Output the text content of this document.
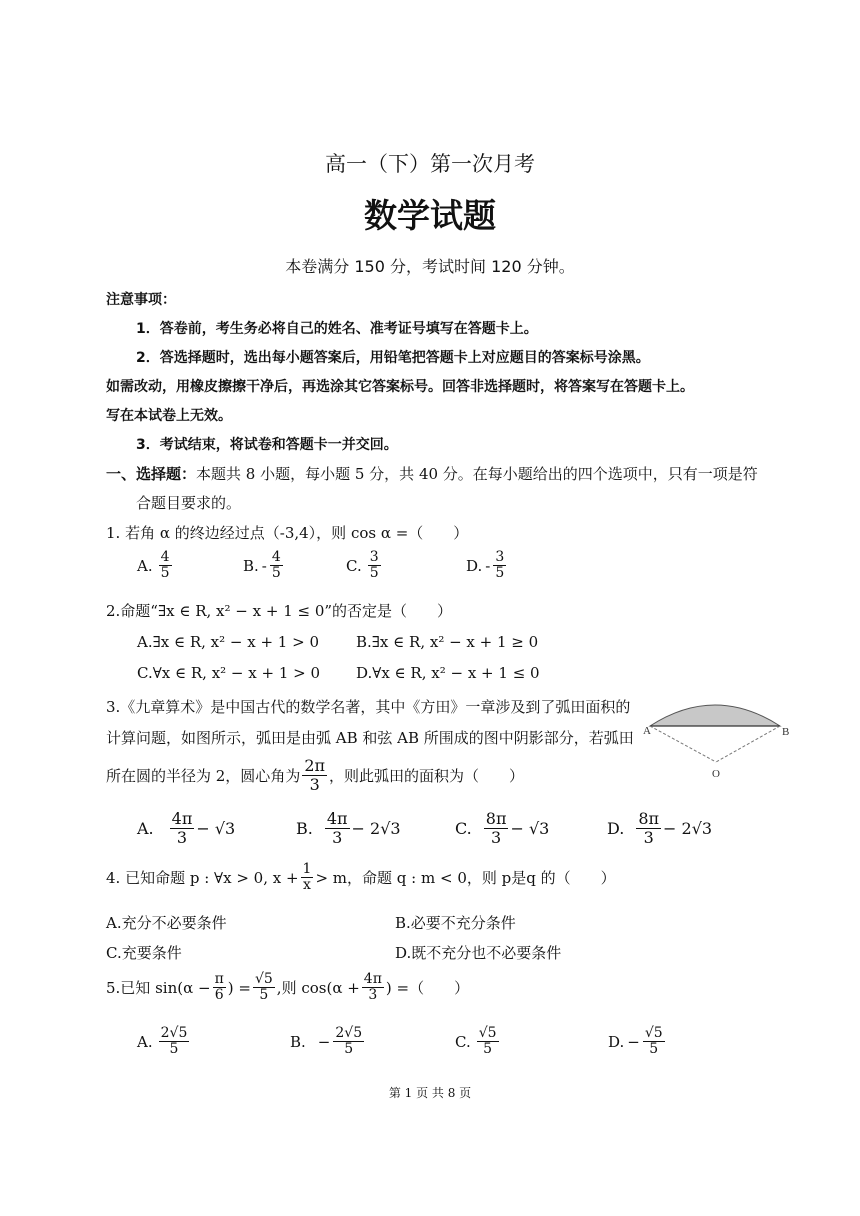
高一（下）第一次月考
数学试题
本卷满分 150 分，考试时间 120 分钟。
注意事项：
1．答卷前，考生务必将自己的姓名、准考证号填写在答题卡上。
2．答选择题时，选出每小题答案后，用铅笔把答题卡上对应题目的答案标号涂黑。
如需改动，用橡皮擦擦干净后，再选涂其它答案标号。回答非选择题时，将答案写在答题卡上。
写在本试卷上无效。
3．考试结束，将试卷和答题卡一并交回。
一、选择题：本题共 8 小题，每小题 5 分，共 40 分。在每小题给出的四个选项中，只有一项是符
合题目要求的。
1. 若角 α 的终边经过点（-3,4），则 cos α =（　　）
A. $\frac{4}{5}$	B. - $\frac{4}{5}$	C. $\frac{3}{5}$	D. - $\frac{3}{5}$
2.命题“∃x ∈ R, x² − x + 1 ≤ 0”的否定是（　　）
A.∃x ∈ R, x² − x + 1 > 0 B.∃x ∈ R, x² − x + 1 ≥ 0
C.∀x ∈ R, x² − x + 1 > 0 D.∀x ∈ R, x² − x + 1 ≤ 0
3.《九章算术》是中国古代的数学名著，其中《方田》一章涉及到了弧田面积的
计算问题，如图所示，弧田是由弧 AB 和弦 AB 所围成的图中阴影部分，若弧田
所在圆的半径为 2，圆心角为 $\frac{2\pi}{3}$ ，则此弧田的面积为（　　）
A	B
O
A. $\frac{4\pi}{3} - √3$	B. $\frac{4\pi}{3} - 2√3$	C. $\frac{8\pi}{3} - √3$	D. $\frac{8\pi}{3} - 2√3$
4. 已知命题 p : ∀x > 0, $x + \frac{1}{x} > m$，命题 q : m < 0，则 p是q 的（　　）
A.充分不必要条件	B.必要不充分条件
C.充要条件	D.既不充分也不必要条件
5.已知 $\sin(\alpha - \frac{\pi}{6}$ ) = $\frac{√5}{5}$ ,则 $\cos(\alpha + \frac{4\pi}{3}$ ) =（　　）
A. $\frac{2√5}{5}$	B. − $\frac{2√5}{5}$	C. $\frac{√5}{5}$	D. − $\frac{√5}{5}$
第 1 页 共 8 页
